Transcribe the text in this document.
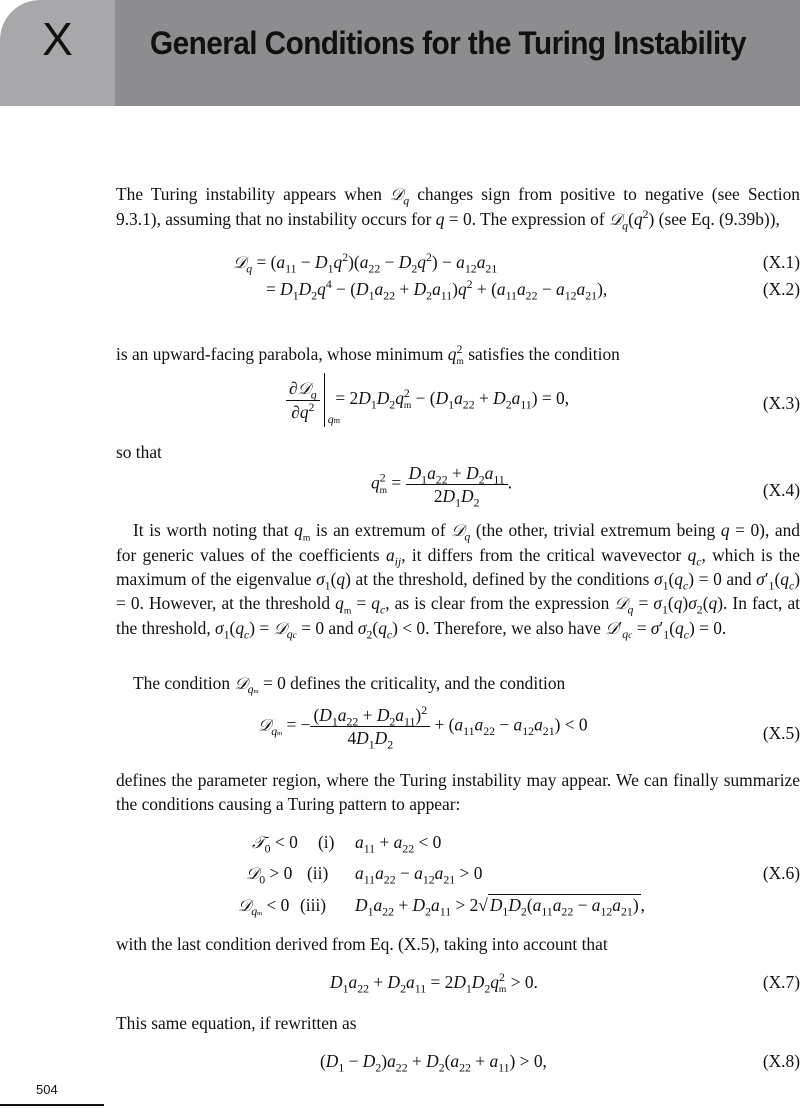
X	General Conditions for the Turing Instability
The Turing instability appears when 𝒟$_q$ changes sign from positive to negative (see Section 9.3.1), assuming that no instability occurs for q = 0. The expression of $𝒟_q(q^2)$ (see Eq. (9.39b)),
𝒟$_q$ = $(a_{11} - D_1q^2)(a_{22} - D_2q^2) - a_{12}a_{21}$	(X.1)
= $D_1D_2q^4 - (D_1a_{22} + D_2a_{11})q^2 + (a_{11}a_{22} - a_{12}a_{21})$,	(X.2)
is an upward-facing parabola, whose minimum $q^2_m$ satisfies the condition
$\frac{\partial 𝒟_q}{\partial q^2}$ qm
= $2D_1D_2q^2_m - (D_1a_{22} + D_2a_{11}) = 0$,	(X.3)
so that
$q^2_m = \frac{D_1a_{22} + D_2a_{11}}{2D_1D_2}$ .	(X.4)
It is worth noting that $q_m$ is an extremum of 𝒟$_q$ (the other, trivial extremum being q = 0), and for generic values of the coefficients $a_{ij}$, it differs from the critical wavevector $q_c$, which is the maximum of the eigenvalue $\sigma_1(q)$ at the threshold, defined by the conditions $\sigma_1(q_c) = 0$ and $\sigma'_1(q_c) = 0$. However, at the threshold $q_m = q_c$, as is clear from the expression 𝒟$_q$ = $\sigma_1(q)\sigma_2(q)$. In fact, at the threshold, $\sigma_1(q_c)$ = 𝒟$_{qc}$ = 0 and $\sigma_2(q_c) < 0$. Therefore, we also have $𝒟'_{qc} = \sigma'_1(q_c) = 0$.
The condition 𝒟$_{qm}$ = 0 defines the criticality, and the condition
𝒟$_{qm}$ = − $\frac{(D_1a_{22} + D_2a_{11})^2}{4D_1D_2} + (a_{11}a_{22} - a_{12}a_{21}) < 0$	(X.5)
defines the parameter region, where the Turing instability may appear. We can finally summarize the conditions causing a Turing pattern to appear:
𝒯$_0$ < 0 (i) $a_{11} + a_{22} < 0$
𝒟$_0$ > 0 (ii) $a_{11}a_{22} - a_{12}a_{21} > 0$	(X.6)
𝒟$_{qm}$ < 0 (iii) $D_1a_{22} + D_2a_{11} > 2√$ $D_1D_2(a_{11}a_{22} - a_{12}a_{21})$ ,
with the last condition derived from Eq. (X.5), taking into account that
$D_1a_{22} + D_2a_{11} = 2D_1D_2q^2_m > 0$.	(X.7)
This same equation, if rewritten as
$(D_1 - D_2)a_{22} + D_2(a_{22} + a_{11}) > 0$,	(X.8)
504
